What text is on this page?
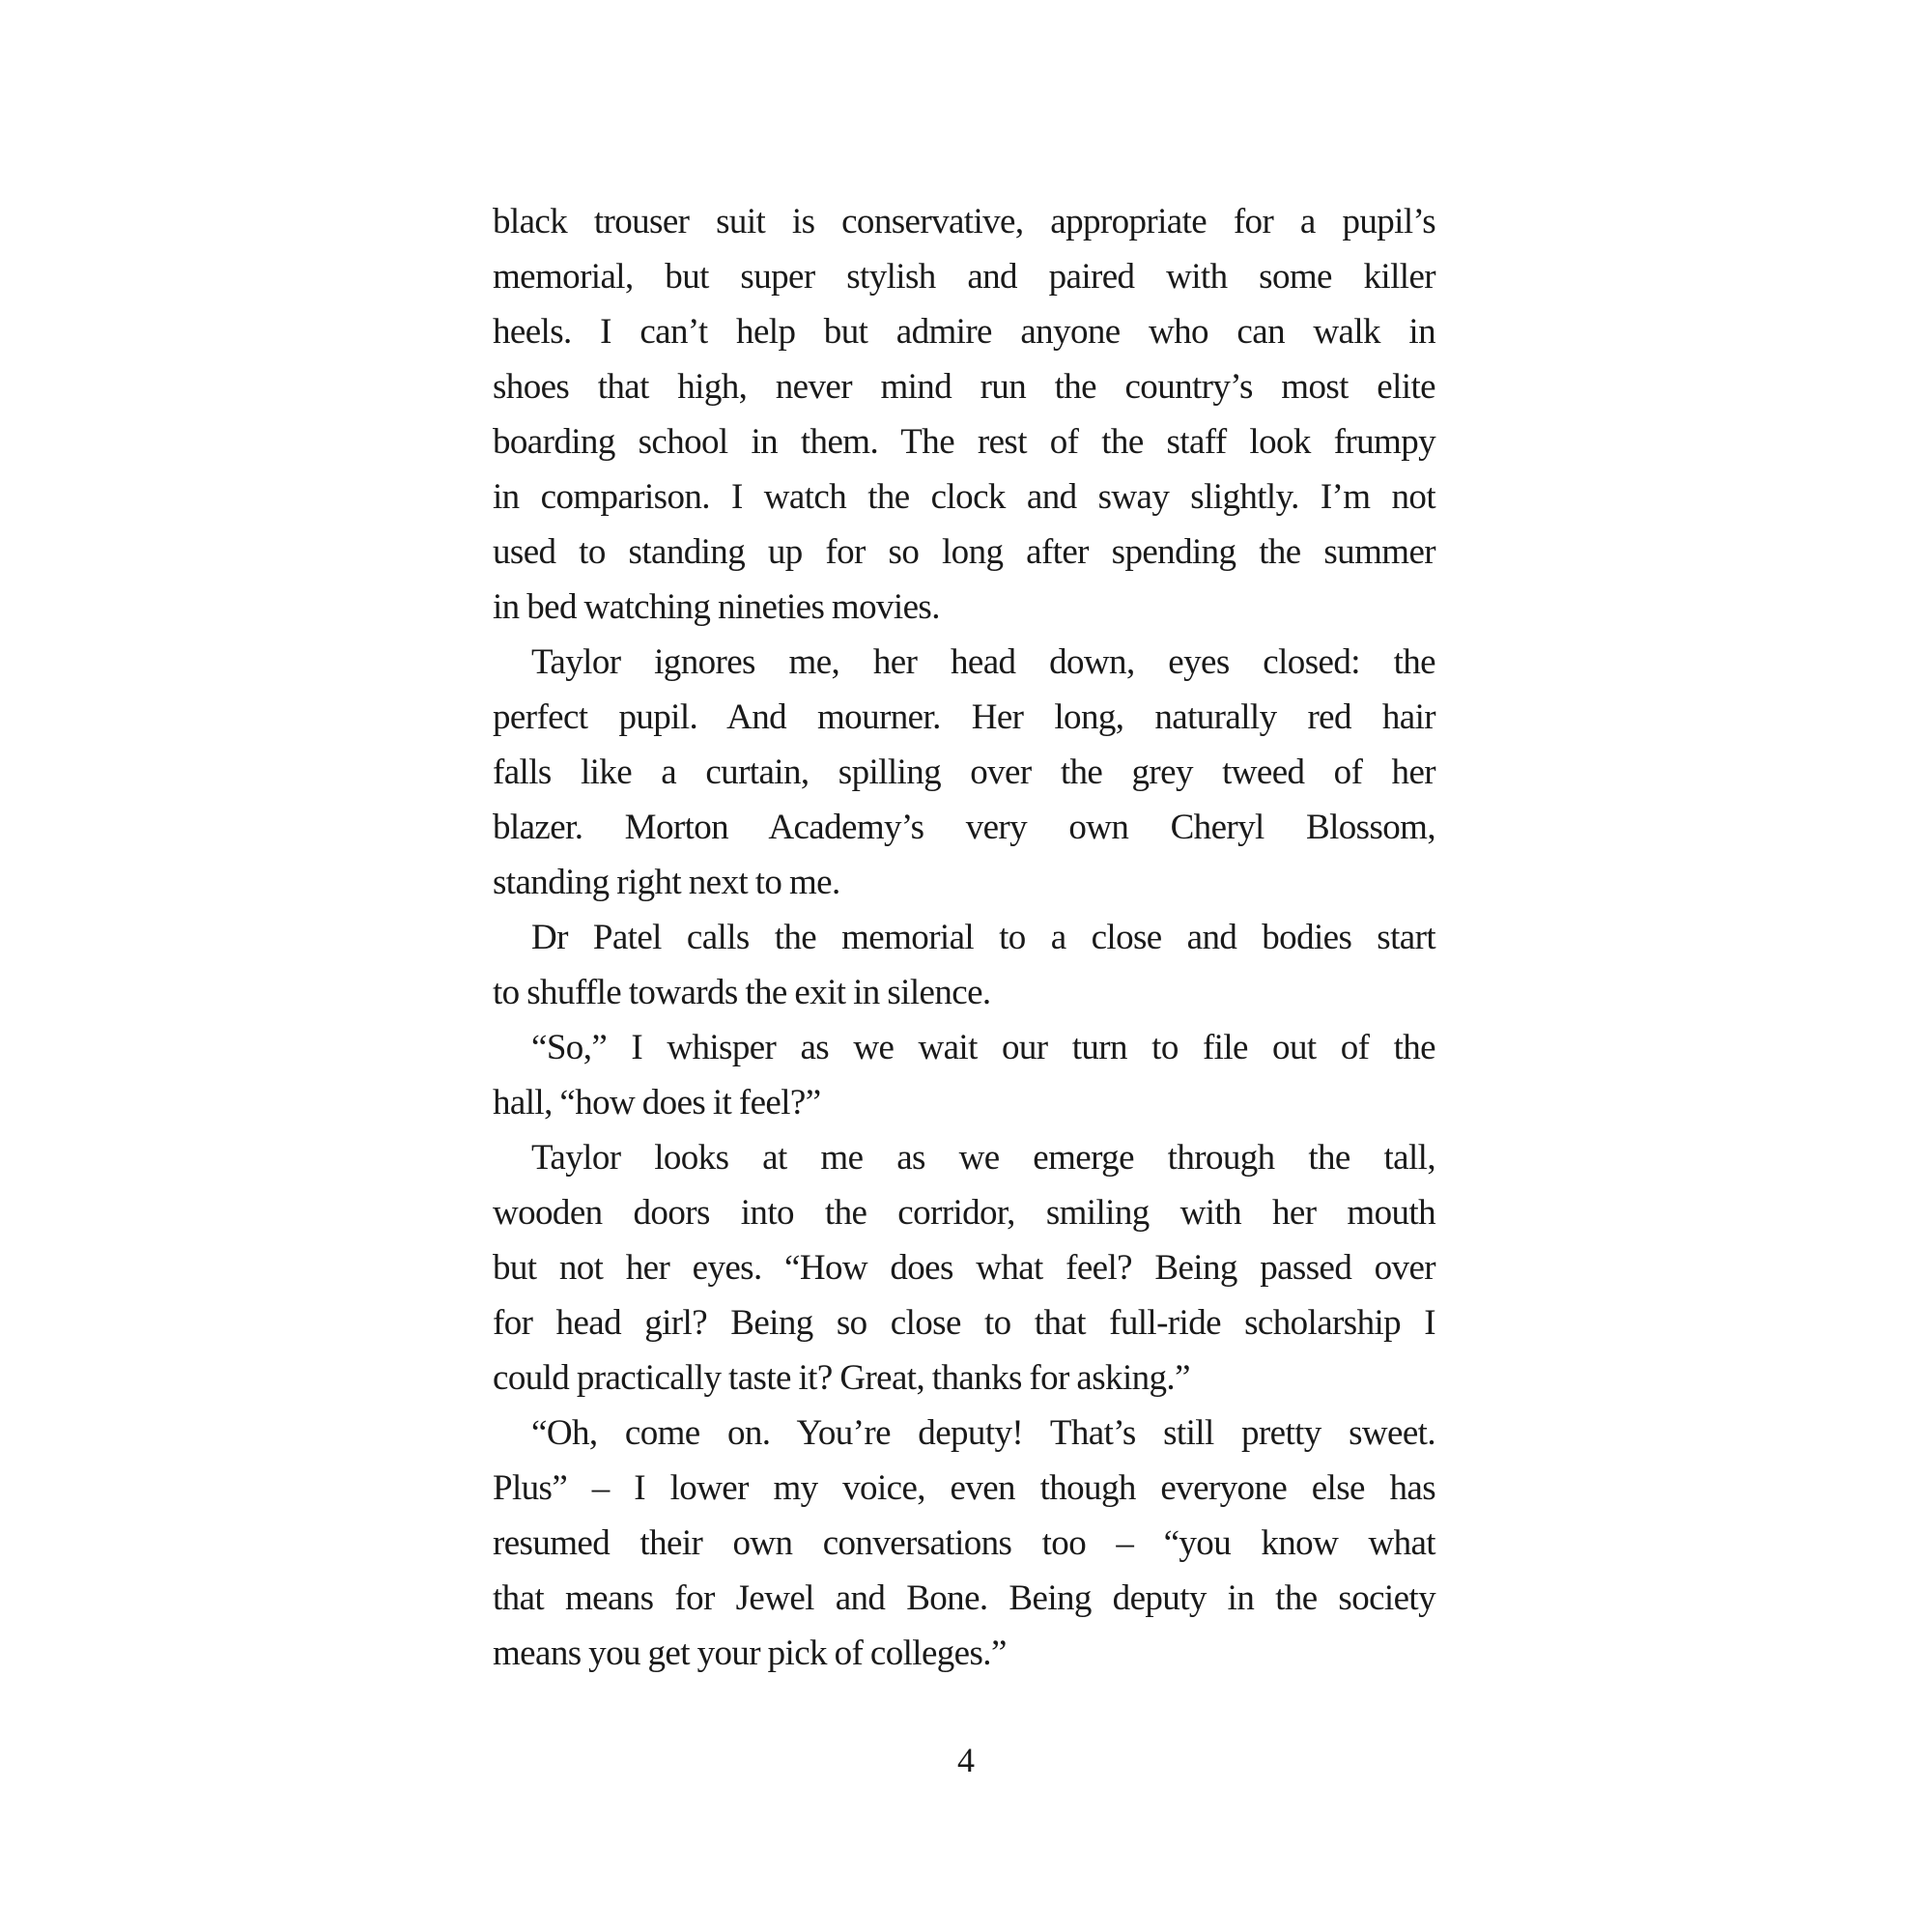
black trouser suit is conservative, appropriate for a pupil’s
memorial, but super stylish and paired with some killer
heels. I can’t help but admire anyone who can walk in
shoes that high, never mind run the country’s most elite
boarding school in them. The rest of the staff look frumpy
in comparison. I watch the clock and sway slightly. I’m not
used to standing up for so long after spending the summer
in bed watching nineties movies.
Taylor ignores me, her head down, eyes closed: the
perfect pupil. And mourner. Her long, naturally red hair
falls like a curtain, spilling over the grey tweed of her
blazer. Morton Academy’s very own Cheryl Blossom,
standing right next to me.
Dr Patel calls the memorial to a close and bodies start
to shuffle towards the exit in silence.
“So,” I whisper as we wait our turn to file out of the
hall, “how does it feel?”
Taylor looks at me as we emerge through the tall,
wooden doors into the corridor, smiling with her mouth
but not her eyes. “How does what feel? Being passed over
for head girl? Being so close to that full-ride scholarship I
could practically taste it? Great, thanks for asking.”
“Oh, come on. You’re deputy! That’s still pretty sweet.
Plus” – I lower my voice, even though everyone else has
resumed their own conversations too – “you know what
that means for Jewel and Bone. Being deputy in the society
means you get your pick of colleges.”
4
